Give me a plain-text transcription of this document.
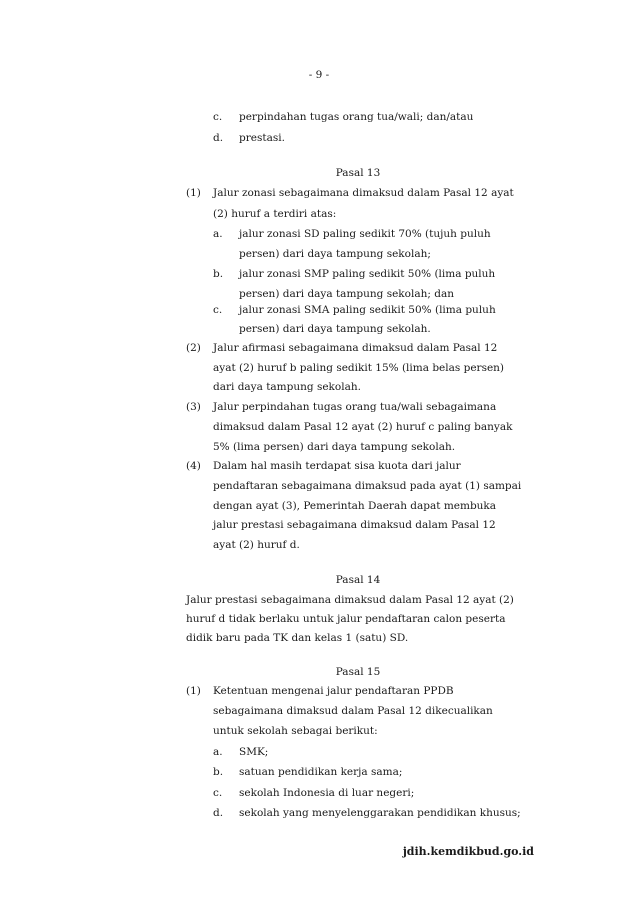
- 9 -
c. perpindahan tugas orang tua/wali; dan/atau
d. prestasi.
Pasal 13
(1) Jalur zonasi sebagaimana dimaksud dalam Pasal 12 ayat
(2) huruf a terdiri atas:
a. jalur zonasi SD paling sedikit 70% (tujuh puluh
persen) dari daya tampung sekolah;
b. jalur zonasi SMP paling sedikit 50% (lima puluh
persen) dari daya tampung sekolah; dan
c. jalur zonasi SMA paling sedikit 50% (lima puluh
persen) dari daya tampung sekolah.
(2) Jalur afirmasi sebagaimana dimaksud dalam Pasal 12
ayat (2) huruf b paling sedikit 15% (lima belas persen)
dari daya tampung sekolah.
(3) Jalur perpindahan tugas orang tua/wali sebagaimana
dimaksud dalam Pasal 12 ayat (2) huruf c paling banyak
5% (lima persen) dari daya tampung sekolah.
(4) Dalam hal masih terdapat sisa kuota dari jalur
pendaftaran sebagaimana dimaksud pada ayat (1) sampai
dengan ayat (3), Pemerintah Daerah dapat membuka
jalur prestasi sebagaimana dimaksud dalam Pasal 12
ayat (2) huruf d.
Pasal 14
Jalur prestasi sebagaimana dimaksud dalam Pasal 12 ayat (2)
huruf d tidak berlaku untuk jalur pendaftaran calon peserta
didik baru pada TK dan kelas 1 (satu) SD.
Pasal 15
(1) Ketentuan mengenai jalur pendaftaran PPDB
sebagaimana dimaksud dalam Pasal 12 dikecualikan
untuk sekolah sebagai berikut:
a. SMK;
b. satuan pendidikan kerja sama;
c. sekolah Indonesia di luar negeri;
d. sekolah yang menyelenggarakan pendidikan khusus;
jdih.kemdikbud.go.id
